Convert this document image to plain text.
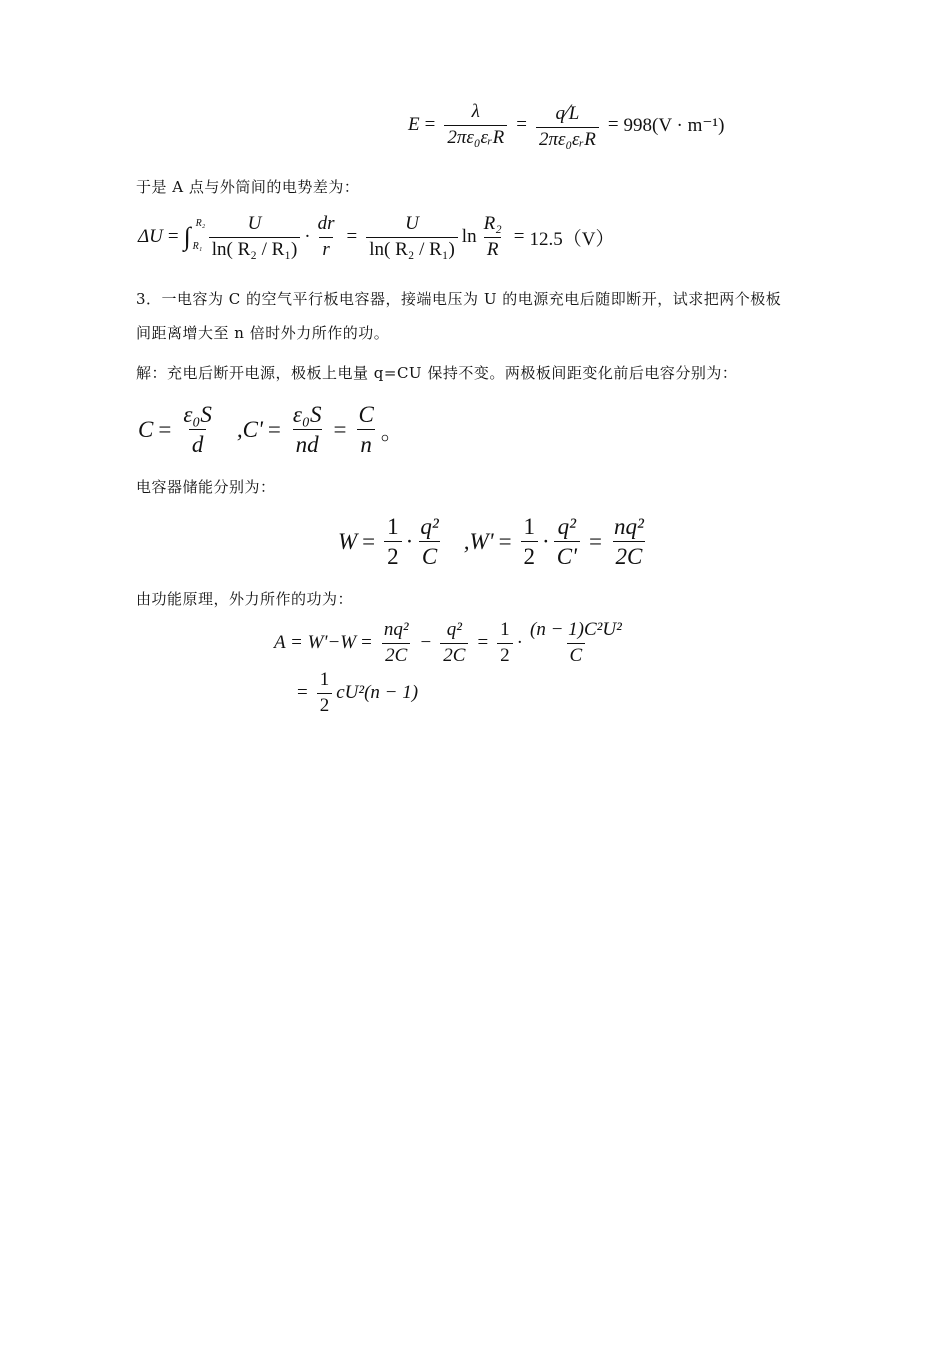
$E = \frac{\lambda}{\text{2πε₀εᵣR}} = \frac{q⁄L}{\text{2πε₀εᵣR}} = 998(V \cdot m^{-1})$
于是 A 点与外筒间的电势差为：
ΔU = ∫ R₂
$R_1 \frac{U}{\text{ln( R₂ / R₁)}} \cdot \frac{dr}{r} = \frac{U}{\text{ln( R₂ / R₁)}}$ $\ln \frac{\text{R₂}}{R} = 12.5(V)$
3．一电容为 C 的空气平行板电容器，接端电压为 U 的电源充电后随即断开，试求把两个极板
间距离增大至 n 倍时外力所作的功。
解：充电后断开电源，极板上电量 q=CU 保持不变。两极板间距变化前后电容分别为：
$C = \frac{\text{ε₀S}}{d} ,C' = \frac{\text{ε₀S}}{nd} = \frac{C}{n}$ 。
电容器储能分别为：
$W = \frac{1}{2} \cdot \frac{\text{q²}}{C} ,W' = \frac{1}{2} \cdot \frac{\text{q²}}{C'} = \frac{\text{nq²}}{2C}$
由功能原理，外力所作的功为：
$A = W'-W = \frac{\text{nq²}}{2C} - \frac{\text{q²}}{2C} = \frac{1}{2} \cdot \frac{\text{(n − 1)C²U²}}{C}$
= $\frac{1}{2} cU^2(n - 1)$
